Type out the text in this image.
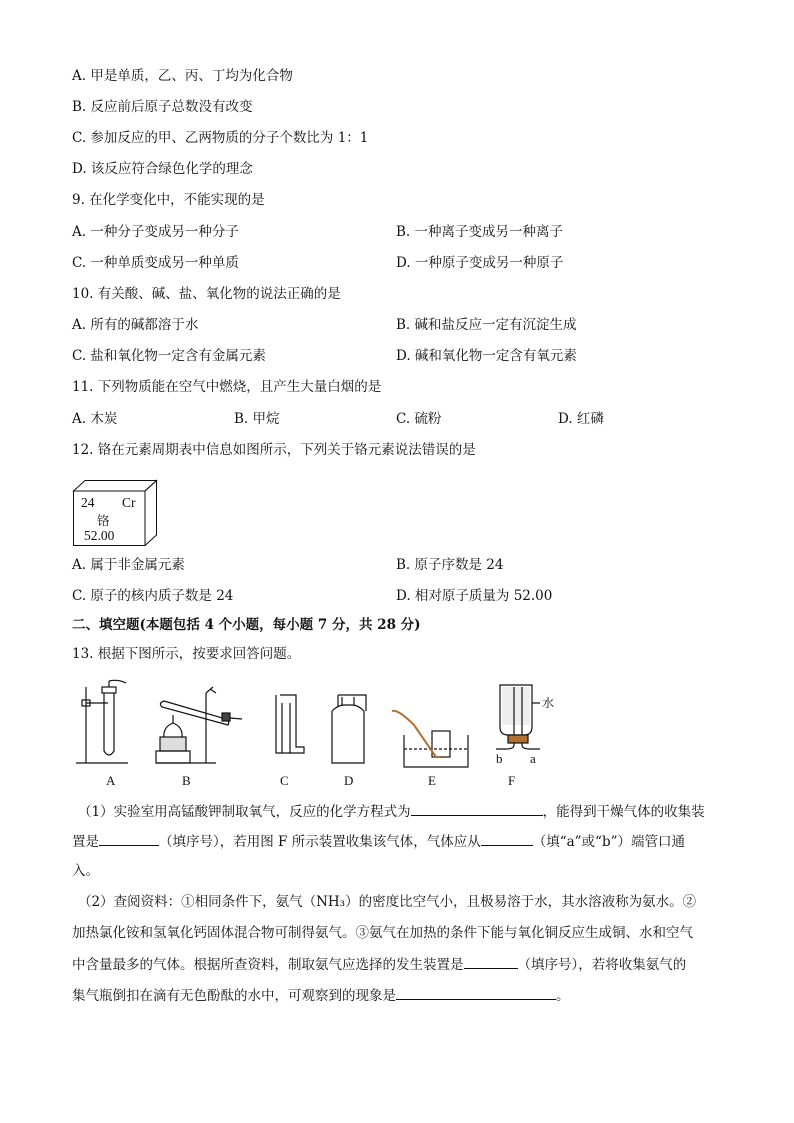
A. 甲是单质，乙、丙、丁均为化合物
B. 反应前后原子总数没有改变
C. 参加反应的甲、乙两物质的分子个数比为 1：1
D. 该反应符合绿色化学的理念
9. 在化学变化中，不能实现的是
A. 一种分子变成另一种分子	B. 一种离子变成另一种离子
C. 一种单质变成另一种单质	D. 一种原子变成另一种原子
10. 有关酸、碱、盐、氧化物的说法正确的是
A. 所有的碱都溶于水	B. 碱和盐反应一定有沉淀生成
C. 盐和氧化物一定含有金属元素	D. 碱和氧化物一定含有氧元素
11. 下列物质能在空气中燃烧，且产生大量白烟的是
A. 木炭	B. 甲烷	C. 硫粉	D. 红磷
12. 铬在元素周期表中信息如图所示，下列关于铬元素说法错误的是
24 Cr
铬
52.00
A. 属于非金属元素	B. 原子序数是 24
C. 原子的核内质子数是 24	D. 相对原子质量为 52.00
二、填空题(本题包括 4 个小题，每小题 7 分，共 28 分)
13. 根据下图所示，按要求回答问题。
A	B	C	D	E	F
b a
水
（1）实验室用高锰酸钾制取氧气，反应的化学方程式为	，能得到干燥气体的收集装
置是	（填序号），若用图 F 所示装置收集该气体，气体应从	（填“a”或“b”）端管口通
入。
（2）查阅资料：①相同条件下，氨气（NH₃）的密度比空气小，且极易溶于水，其水溶液称为氨水。②
加热氯化铵和氢氧化钙固体混合物可制得氨气。③氨气在加热的条件下能与氧化铜反应生成铜、水和空气
中含量最多的气体。根据所查资料，制取氨气应选择的发生装置是	（填序号），若将收集氨气的
集气瓶倒扣在滴有无色酚酞的水中，可观察到的现象是	。
